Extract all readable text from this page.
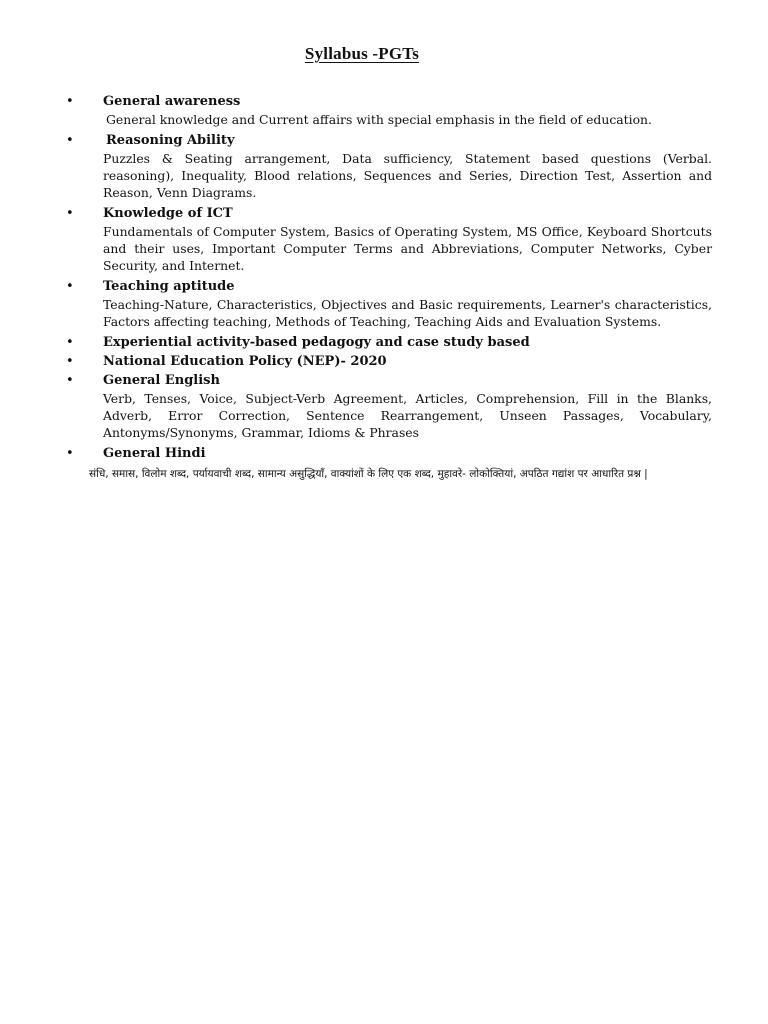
Syllabus -PGTs
• General awareness
General knowledge and Current affairs with special emphasis in the field of education.
• Reasoning Ability
Puzzles & Seating arrangement, Data sufficiency, Statement based questions (Verbal. reasoning), Inequality, Blood relations, Sequences and Series, Direction Test, Assertion and Reason, Venn Diagrams.
• Knowledge of ICT
Fundamentals of Computer System, Basics of Operating System, MS Office, Keyboard Shortcuts and their uses, Important Computer Terms and Abbreviations, Computer Networks, Cyber Security, and Internet.
• Teaching aptitude
Teaching-Nature, Characteristics, Objectives and Basic requirements, Learner's characteristics, Factors affecting teaching, Methods of Teaching, Teaching Aids and Evaluation Systems.
• Experiential activity-based pedagogy and case study based
• National Education Policy (NEP)- 2020
• General English
Verb, Tenses, Voice, Subject-Verb Agreement, Articles, Comprehension, Fill in the Blanks, Adverb, Error Correction, Sentence Rearrangement, Unseen Passages, Vocabulary, Antonyms/Synonyms, Grammar, Idioms & Phrases
• General Hindi
संधि, समास, विलोम शब्द, पर्यायवाची शब्द, सामान्य असुद्धियाँ, वाक्यांशों के लिए एक शब्द, मुहावरे- लोकोक्तियां, अपठित गद्यांश पर आधारित प्रश्न |
